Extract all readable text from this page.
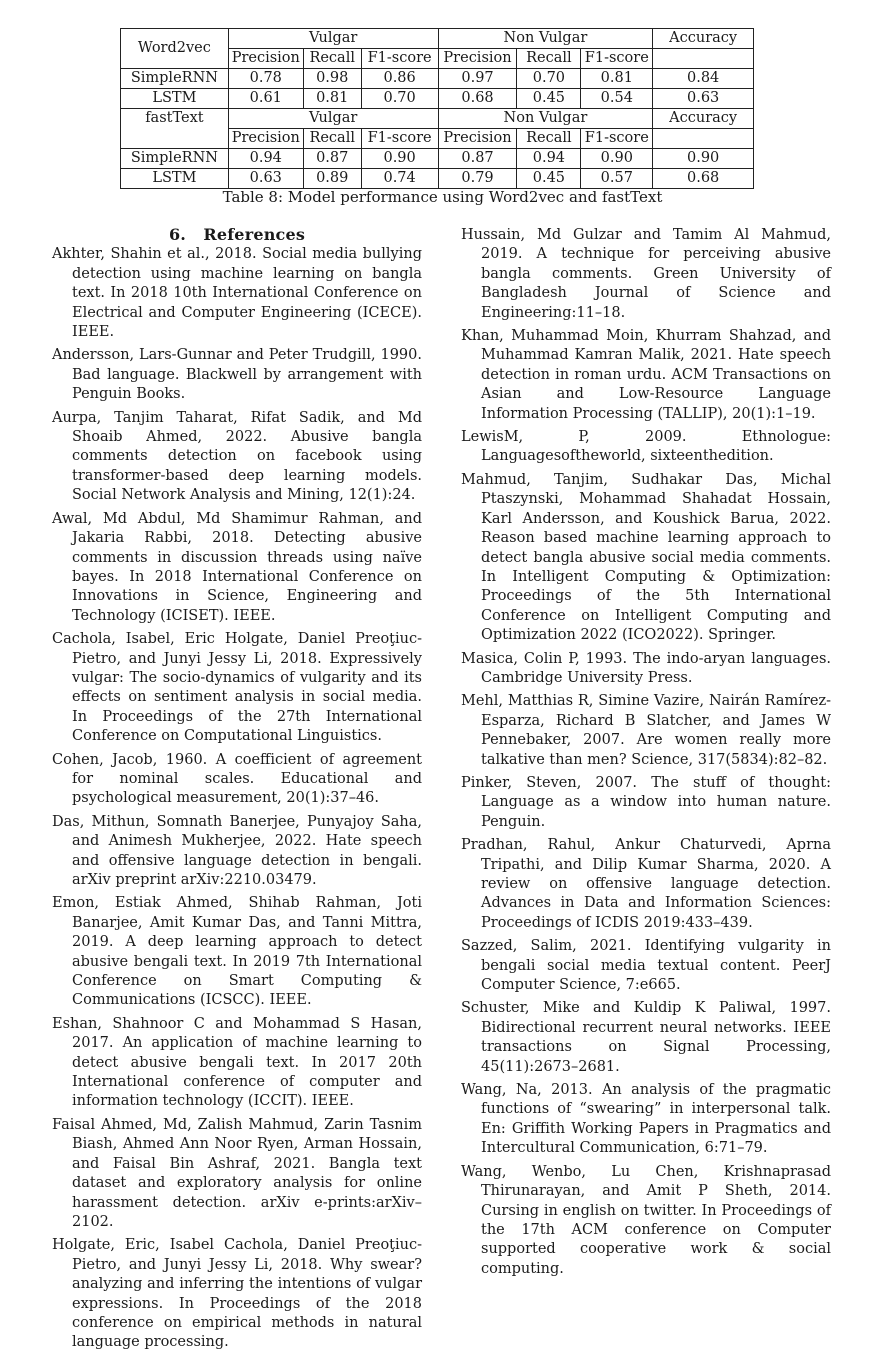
Word2vec	Vulgar			Non Vulgar			Accuracy
	Precision	Recall	F1-score	Precision	Recall	F1-score	
SimpleRNN	0.78	0.98	0.86	0.97	0.70	0.81	0.84
LSTM	0.61	0.81	0.70	0.68	0.45	0.54	0.63
fastText	Vulgar			Non Vulgar			Accuracy
	Precision	Recall	F1-score	Precision	Recall	F1-score	
SimpleRNN	0.94	0.87	0.90	0.87	0.94	0.90	0.90
LSTM	0.63	0.89	0.74	0.79	0.45	0.57	0.68
Table 8: Model performance using Word2vec and fastText
6.   References

Akhter, Shahin et al., 2018. Social media bullying detection using machine learning on bangla text. In 2018 10th International Conference on Electrical and Computer Engineering (ICECE). IEEE.

Andersson, Lars-Gunnar and Peter Trudgill, 1990. Bad language. Blackwell by arrangement with Penguin Books.

Aurpa, Tanjim Taharat, Rifat Sadik, and Md Shoaib Ahmed, 2022. Abusive bangla comments detection on facebook using transformer-based deep learning models. Social Network Analysis and Mining, 12(1):24.

Awal, Md Abdul, Md Shamimur Rahman, and Jakaria Rabbi, 2018. Detecting abusive comments in discussion threads using naïve bayes. In 2018 International Conference on Innovations in Science, Engineering and Technology (ICISET). IEEE.

Cachola, Isabel, Eric Holgate, Daniel Preoţiuc-Pietro, and Junyi Jessy Li, 2018. Expressively vulgar: The socio-dynamics of vulgarity and its effects on sentiment analysis in social media. In Proceedings of the 27th International Conference on Computational Linguistics.

Cohen, Jacob, 1960. A coefficient of agreement for nominal scales. Educational and psychological measurement, 20(1):37–46.

Das, Mithun, Somnath Banerjee, Punyajoy Saha, and Animesh Mukherjee, 2022. Hate speech and offensive language detection in bengali. arXiv preprint arXiv:2210.03479.

Emon, Estiak Ahmed, Shihab Rahman, Joti Banarjee, Amit Kumar Das, and Tanni Mittra, 2019. A deep learning approach to detect abusive bengali text. In 2019 7th International Conference on Smart Computing & Communications (ICSCC). IEEE.

Eshan, Shahnoor C and Mohammad S Hasan, 2017. An application of machine learning to detect abusive bengali text. In 2017 20th International conference of computer and information technology (ICCIT). IEEE.

Faisal Ahmed, Md, Zalish Mahmud, Zarin Tasnim Biash, Ahmed Ann Noor Ryen, Arman Hossain, and Faisal Bin Ashraf, 2021. Bangla text dataset and exploratory analysis for online harassment detection. arXiv e-prints:arXiv–2102.

Holgate, Eric, Isabel Cachola, Daniel Preoţiuc-Pietro, and Junyi Jessy Li, 2018. Why swear? analyzing and inferring the intentions of vulgar expressions. In Proceedings of the 2018 conference on empirical methods in natural language processing.

Hussain, Md Gulzar and Tamim Al Mahmud, 2019. A technique for perceiving abusive bangla comments. Green University of Bangladesh Journal of Science and Engineering:11–18.

Khan, Muhammad Moin, Khurram Shahzad, and Muhammad Kamran Malik, 2021. Hate speech detection in roman urdu. ACM Transactions on Asian and Low-Resource Language Information Processing (TALLIP), 20(1):1–19.

LewisM, P, 2009. Ethnologue: Languagesoftheworld, sixteenthedition.

Mahmud, Tanjim, Sudhakar Das, Michal Ptaszynski, Mohammad Shahadat Hossain, Karl Andersson, and Koushick Barua, 2022. Reason based machine learning approach to detect bangla abusive social media comments. In Intelligent Computing & Optimization: Proceedings of the 5th International Conference on Intelligent Computing and Optimization 2022 (ICO2022). Springer.

Masica, Colin P, 1993. The indo-aryan languages. Cambridge University Press.

Mehl, Matthias R, Simine Vazire, Nairán Ramírez-Esparza, Richard B Slatcher, and James W Pennebaker, 2007. Are women really more talkative than men? Science, 317(5834):82–82.

Pinker, Steven, 2007. The stuff of thought: Language as a window into human nature. Penguin.

Pradhan, Rahul, Ankur Chaturvedi, Aprna Tripathi, and Dilip Kumar Sharma, 2020. A review on offensive language detection. Advances in Data and Information Sciences: Proceedings of ICDIS 2019:433–439.

Sazzed, Salim, 2021. Identifying vulgarity in bengali social media textual content. PeerJ Computer Science, 7:e665.

Schuster, Mike and Kuldip K Paliwal, 1997. Bidirectional recurrent neural networks. IEEE transactions on Signal Processing, 45(11):2673–2681.

Wang, Na, 2013. An analysis of the pragmatic functions of “swearing” in interpersonal talk. En: Griffith Working Papers in Pragmatics and Intercultural Communication, 6:71–79.

Wang, Wenbo, Lu Chen, Krishnaprasad Thirunarayan, and Amit P Sheth, 2014. Cursing in english on twitter. In Proceedings of the 17th ACM conference on Computer supported cooperative work & social computing.
